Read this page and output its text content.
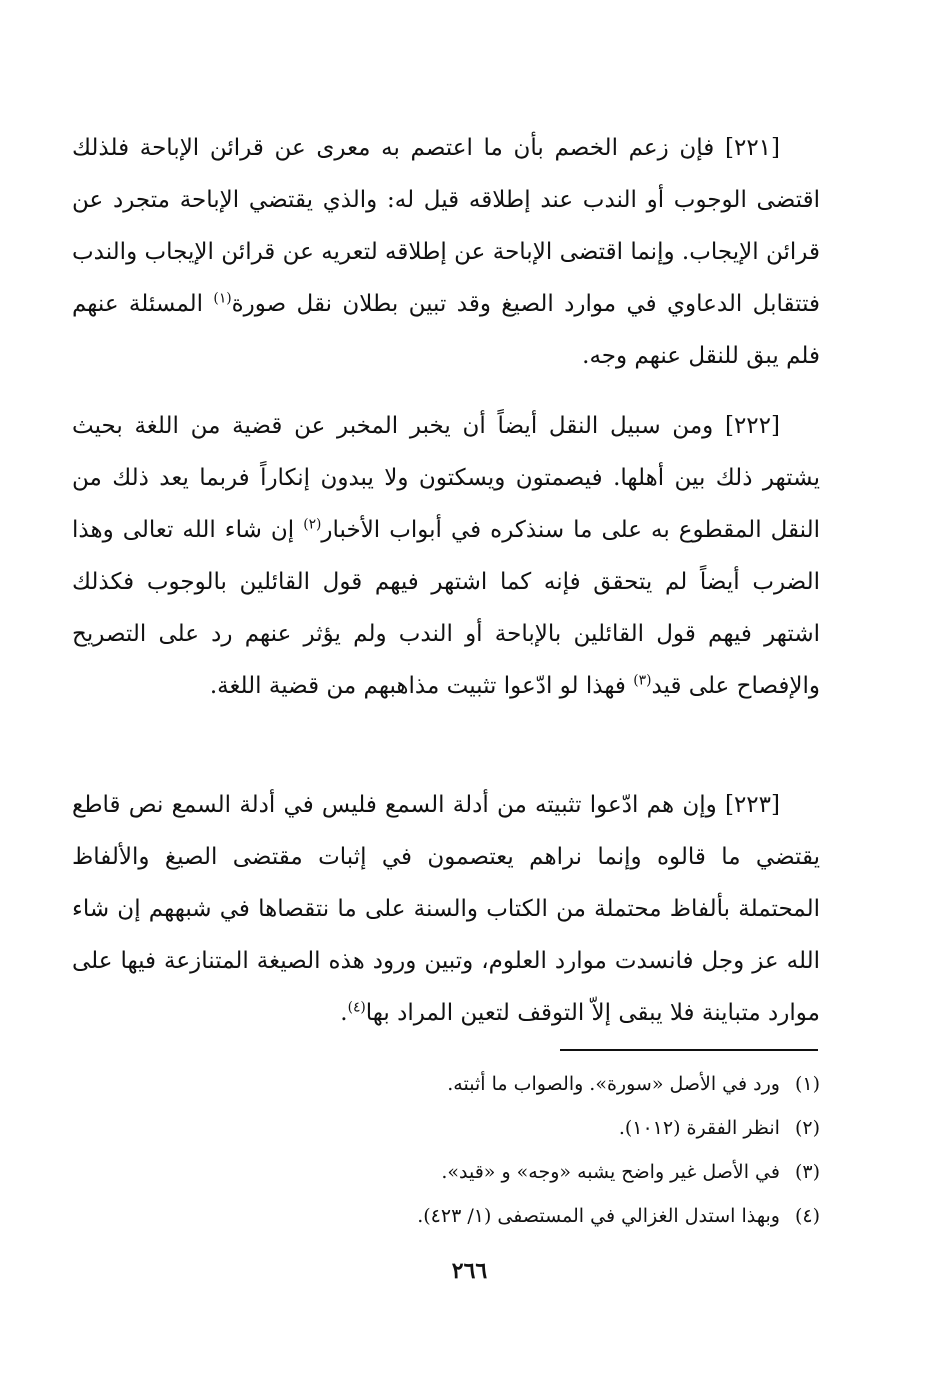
[٢٢١] فإن زعم الخصم بأن ما اعتصم به معرى عن قرائن الإباحة فلذلك اقتضى الوجوب أو الندب عند إطلاقه قيل له: والذي يقتضي الإباحة متجرد عن قرائن الإيجاب. وإنما اقتضى الإباحة عن إطلاقه لتعريه عن قرائن الإيجاب والندب فتتقابل الدعاوي في موارد الصيغ وقد تبين بطلان نقل صورة$^{(١)}$ المسئلة عنهم فلم يبق للنقل عنهم وجه.
[٢٢٢] ومن سبيل النقل أيضاً أن يخبر المخبر عن قضية من اللغة بحيث يشتهر ذلك بين أهلها. فيصمتون ويسكتون ولا يبدون إنكاراً فربما يعد ذلك من النقل المقطوع به على ما سنذكره في أبواب الأخبار$^{(٢)}$ إن شاء الله تعالى وهذا الضرب أيضاً لم يتحقق فإنه كما اشتهر فيهم قول القائلين بالوجوب فكذلك اشتهر فيهم قول القائلين بالإباحة أو الندب ولم يؤثر عنهم رد على التصريح والإفصاح على قيد$^{(٣)}$ فهذا لو ادّعوا تثبيت مذاهبهم من قضية اللغة.
[٢٢٣] وإن هم ادّعوا تثبيته من أدلة السمع فليس في أدلة السمع نص قاطع يقتضي ما قالوه وإنما نراهم يعتصمون في إثبات مقتضى الصيغ والألفاظ المحتملة بألفاظ محتملة من الكتاب والسنة على ما نتقصاها في شبههم إن شاء الله عز وجل فانسدت موارد العلوم، وتبين ورود هذه الصيغة المتنازعة فيها على موارد متباينة فلا يبقى إلاّ التوقف لتعين المراد بها$^{(٤)}$.
(١) ورد في الأصل «سورة». والصواب ما أثبته.
(٢) انظر الفقرة (١٠١٢).
(٣) في الأصل غير واضح يشبه «وجه» و «قيد».
(٤) وبهذا استدل الغزالي في المستصفى (١/ ٤٢٣).
٢٦٦
